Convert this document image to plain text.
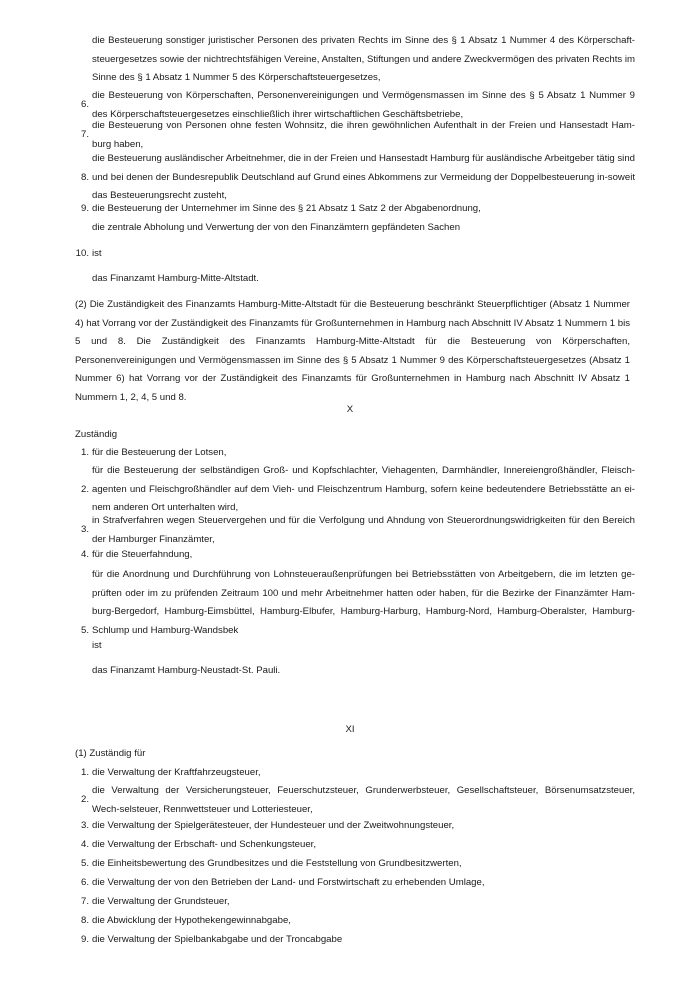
die Besteuerung sonstiger juristischer Personen des privaten Rechts im Sinne des § 1 Absatz 1 Nummer 4 des Körperschaft-steuergesetzes sowie der nichtrechtsfähigen Vereine, Anstalten, Stiftungen und andere Zweckvermögen des privaten Rechts im Sinne des § 1 Absatz 1 Nummer 5 des Körperschaftsteuergesetzes,
6.
die Besteuerung von Körperschaften, Personenvereinigungen und Vermögensmassen im Sinne des § 5 Absatz 1 Nummer 9 des Körperschaftsteuergesetzes einschließlich ihrer wirtschaftlichen Geschäftsbetriebe,
7.
die Besteuerung von Personen ohne festen Wohnsitz, die ihren gewöhnlichen Aufenthalt in der Freien und Hansestadt Ham-burg haben,
8.
die Besteuerung ausländischer Arbeitnehmer, die in der Freien und Hansestadt Hamburg für ausländische Arbeitgeber tätig sind und bei denen der Bundesrepublik Deutschland auf Grund eines Abkommens zur Vermeidung der Doppelbesteuerung in-soweit das Besteuerungsrecht zusteht,
9. die Besteuerung der Unternehmer im Sinne des § 21 Absatz 1 Satz 2 der Abgabenordnung,
die zentrale Abholung und Verwertung der von den Finanzämtern gepfändeten Sachen
10. ist
das Finanzamt Hamburg-Mitte-Altstadt.
(2) Die Zuständigkeit des Finanzamts Hamburg-Mitte-Altstadt für die Besteuerung beschränkt Steuerpflichtiger (Absatz 1 Nummer 4) hat Vorrang vor der Zuständigkeit des Finanzamts für Großunternehmen in Hamburg nach Abschnitt IV Absatz 1 Nummern 1 bis 5 und 8. Die Zuständigkeit des Finanzamts Hamburg-Mitte-Altstadt für die Besteuerung von Körperschaften, Personenvereinigungen und Vermögensmassen im Sinne des § 5 Absatz 1 Nummer 9 des Körperschaftsteuergesetzes (Absatz 1 Nummer 6) hat Vorrang vor der Zuständigkeit des Finanzamts für Großunternehmen in Hamburg nach Abschnitt IV Absatz 1 Nummern 1, 2, 4, 5 und 8.
X
Zuständig
1. für die Besteuerung der Lotsen,
2.
für die Besteuerung der selbständigen Groß- und Kopfschlachter, Viehagenten, Darmhändler, Innereiengroßhändler, Fleisch-agenten und Fleischgroßhändler auf dem Vieh- und Fleischzentrum Hamburg, sofern keine bedeutendere Betriebsstätte an ei-nem anderen Ort unterhalten wird,
3.
in Strafverfahren wegen Steuervergehen und für die Verfolgung und Ahndung von Steuerordnungswidrigkeiten für den Bereich der Hamburger Finanzämter,
4. für die Steuerfahndung,
5.
für die Anordnung und Durchführung von Lohnsteueraußenprüfungen bei Betriebsstätten von Arbeitgebern, die im letzten ge-prüften oder im zu prüfenden Zeitraum 100 und mehr Arbeitnehmer hatten oder haben, für die Bezirke der Finanzämter Ham-burg-Bergedorf, Hamburg-Eimsbüttel, Hamburg-Elbufer, Hamburg-Harburg, Hamburg-Nord, Hamburg-Oberalster, Hamburg-Schlump und Hamburg-Wandsbek
ist
das Finanzamt Hamburg-Neustadt-St. Pauli.
XI
(1) Zuständig für
1. die Verwaltung der Kraftfahrzeugsteuer,
2.
die Verwaltung der Versicherungsteuer, Feuerschutzsteuer, Grunderwerbsteuer, Gesellschaftsteuer, Börsenumsatzsteuer, Wech-selsteuer, Rennwettsteuer und Lotteriesteuer,
3. die Verwaltung der Spielgerätesteuer, der Hundesteuer und der Zweitwohnungsteuer,
4. die Verwaltung der Erbschaft- und Schenkungsteuer,
5. die Einheitsbewertung des Grundbesitzes und die Feststellung von Grundbesitzwerten,
6. die Verwaltung der von den Betrieben der Land- und Forstwirtschaft zu erhebenden Umlage,
7. die Verwaltung der Grundsteuer,
8. die Abwicklung der Hypothekengewinnabgabe,
9. die Verwaltung der Spielbankabgabe und der Troncabgabe
